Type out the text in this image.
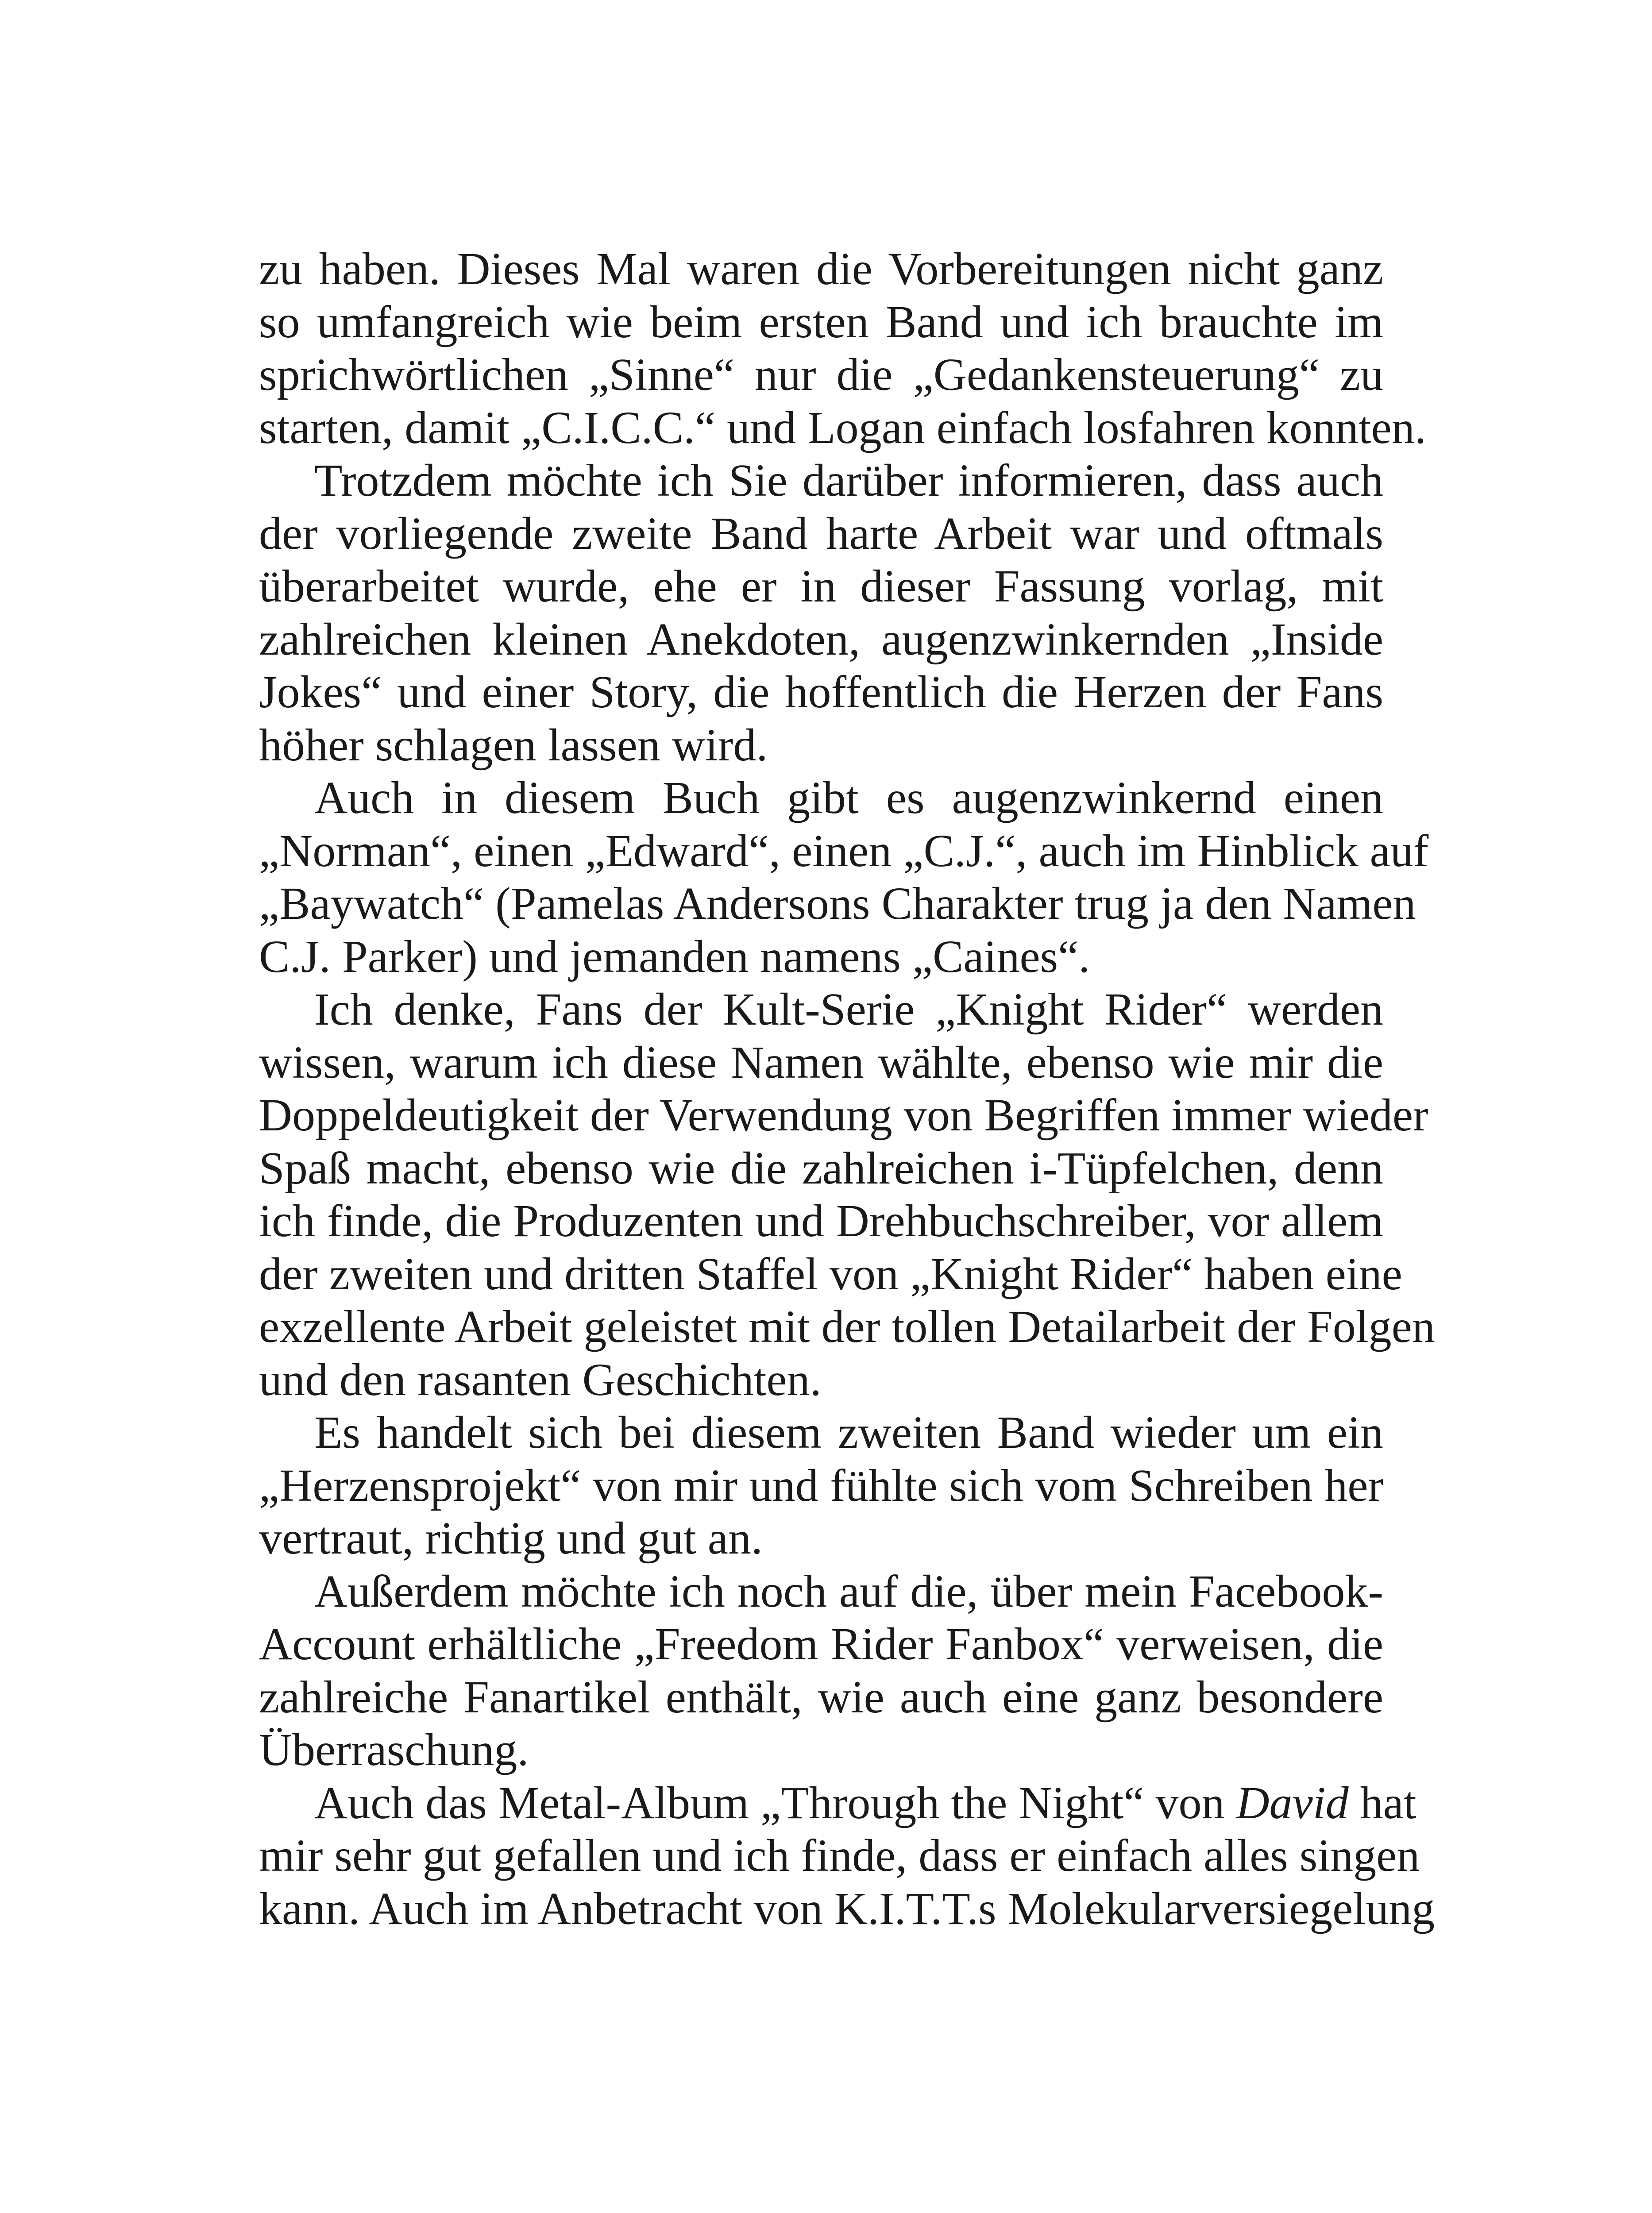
zu haben. Dieses Mal waren die Vorbereitungen nicht ganz
so umfangreich wie beim ersten Band und ich brauchte im
sprichwörtlichen „Sinne“ nur die „Gedankensteuerung“ zu
starten, damit „C.I.C.C.“ und Logan einfach losfahren konnten.
Trotzdem möchte ich Sie darüber informieren, dass auch
der vorliegende zweite Band harte Arbeit war und oftmals
überarbeitet wurde, ehe er in dieser Fassung vorlag, mit
zahlreichen kleinen Anekdoten, augenzwinkernden „Inside
Jokes“ und einer Story, die hoffentlich die Herzen der Fans
höher schlagen lassen wird.
Auch in diesem Buch gibt es augenzwinkernd einen
„Norman“, einen „Edward“, einen „C.J.“, auch im Hinblick auf
„Baywatch“ (Pamelas Andersons Charakter trug ja den Namen
C.J. Parker) und jemanden namens „Caines“.
Ich denke, Fans der Kult-Serie „Knight Rider“ werden
wissen, warum ich diese Namen wählte, ebenso wie mir die
Doppeldeutigkeit der Verwendung von Begriffen immer wieder
Spaß macht, ebenso wie die zahlreichen i-Tüpfelchen, denn
ich finde, die Produzenten und Drehbuchschreiber, vor allem
der zweiten und dritten Staffel von „Knight Rider“ haben eine
exzellente Arbeit geleistet mit der tollen Detailarbeit der Folgen
und den rasanten Geschichten.
Es handelt sich bei diesem zweiten Band wieder um ein
„Herzensprojekt“ von mir und fühlte sich vom Schreiben her
vertraut, richtig und gut an.
Außerdem möchte ich noch auf die, über mein Facebook-
Account erhältliche „Freedom Rider Fanbox“ verweisen, die
zahlreiche Fanartikel enthält, wie auch eine ganz besondere
Überraschung.
Auch das Metal-Album „Through the Night“ von David hat
mir sehr gut gefallen und ich finde, dass er einfach alles singen
kann. Auch im Anbetracht von K.I.T.T.s Molekularversiegelung
